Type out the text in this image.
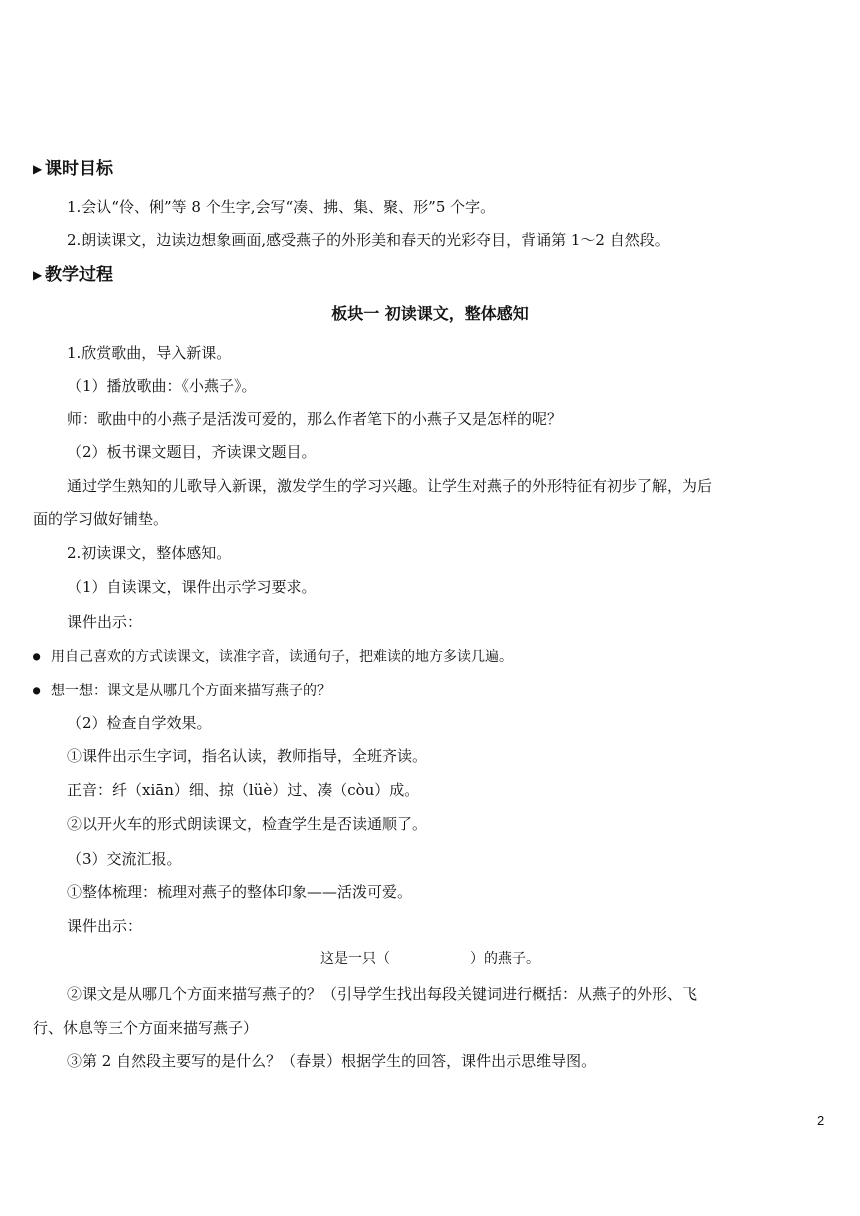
▶ 课时目标
1.会认“伶、俐”等 8 个生字,会写“凑、拂、集、聚、形”5 个字。
2.朗读课文，边读边想象画面,感受燕子的外形美和春天的光彩夺目，背诵第 1～2 自然段。
▶ 教学过程
板块一 初读课文，整体感知
1.欣赏歌曲，导入新课。
（1）播放歌曲：《小燕子》。
师：歌曲中的小燕子是活泼可爱的，那么作者笔下的小燕子又是怎样的呢？
（2）板书课文题目，齐读课文题目。
通过学生熟知的儿歌导入新课，激发学生的学习兴趣。让学生对燕子的外形特征有初步了解，为后
面的学习做好铺垫。
2.初读课文，整体感知。
（1）自读课文，课件出示学习要求。
课件出示：
● 用自己喜欢的方式读课文，读准字音，读通句子，把难读的地方多读几遍。
● 想一想：课文是从哪几个方面来描写燕子的？
（2）检查自学效果。
①课件出示生字词，指名认读，教师指导，全班齐读。
正音：纤（xiān）细、掠（lüè）过、凑（còu）成。
②以开火车的形式朗读课文，检查学生是否读通顺了。
（3）交流汇报。
①整体梳理：梳理对燕子的整体印象——活泼可爱。
课件出示：
这是一只（	）的燕子。
②课文是从哪几个方面来描写燕子的？（引导学生找出每段关键词进行概括：从燕子的外形、飞
行、休息等三个方面来描写燕子）
③第 2 自然段主要写的是什么？（春景）根据学生的回答，课件出示思维导图。
2
